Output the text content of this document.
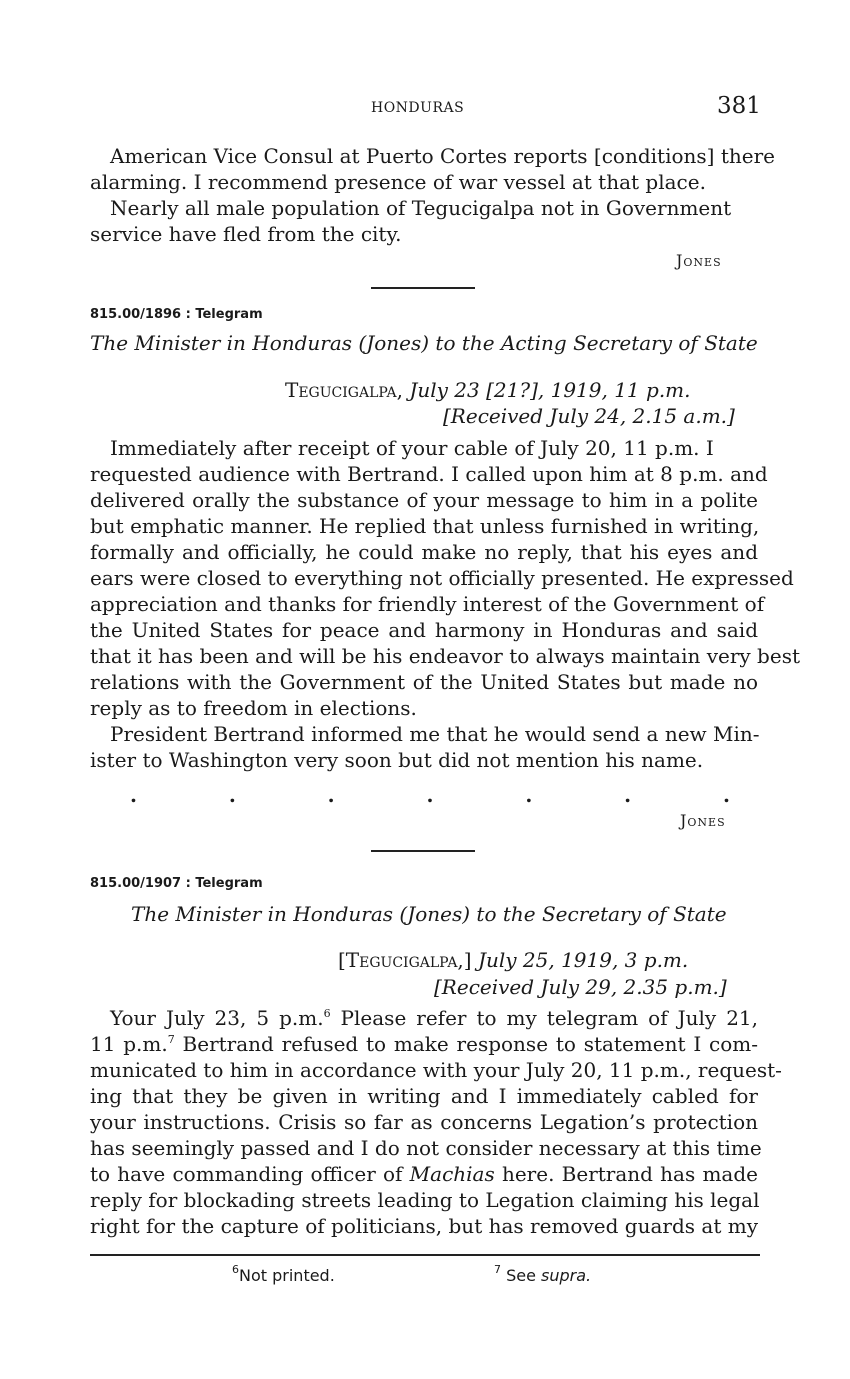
HONDURAS	381
American Vice Consul at Puerto Cortes reports [conditions] there
alarming. I recommend presence of war vessel at that place.
Nearly all male population of Tegucigalpa not in Government
service have fled from the city.
Jones
815.00/1896 : Telegram
The Minister in Honduras (Jones) to the Acting Secretary of State
Tegucigalpa, July 23 [21?], 1919, 11 p.m.
[Received July 24, 2.15 a.m.]
Immediately after receipt of your cable of July 20, 11 p.m. I
requested audience with Bertrand. I called upon him at 8 p.m. and
delivered orally the substance of your message to him in a polite
but emphatic manner. He replied that unless furnished in writing,
formally and officially, he could make no reply, that his eyes and
ears were closed to everything not officially presented. He expressed
appreciation and thanks for friendly interest of the Government of
the United States for peace and harmony in Honduras and said
that it has been and will be his endeavor to always maintain very best
relations with the Government of the United States but made no
reply as to freedom in elections.
President Bertrand informed me that he would send a new Min-
ister to Washington very soon but did not mention his name.
.	.	.	.	.	.	.
Jones
815.00/1907 : Telegram
The Minister in Honduras (Jones) to the Secretary of State
[Tegucigalpa,] July 25, 1919, 3 p.m.
[Received July 29, 2.35 p.m.]
Your July 23, 5 p.m.$^6$ Please refer to my telegram of July 21,
11 p.m.$^7$ Bertrand refused to make response to statement I com-
municated to him in accordance with your July 20, 11 p.m., request-
ing that they be given in writing and I immediately cabled for
your instructions. Crisis so far as concerns Legation’s protection
has seemingly passed and I do not consider necessary at this time
to have commanding officer of Machias here. Bertrand has made
reply for blockading streets leading to Legation claiming his legal
right for the capture of politicians, but has removed guards at my
$^6$Not printed.	$^7$ See supra.
